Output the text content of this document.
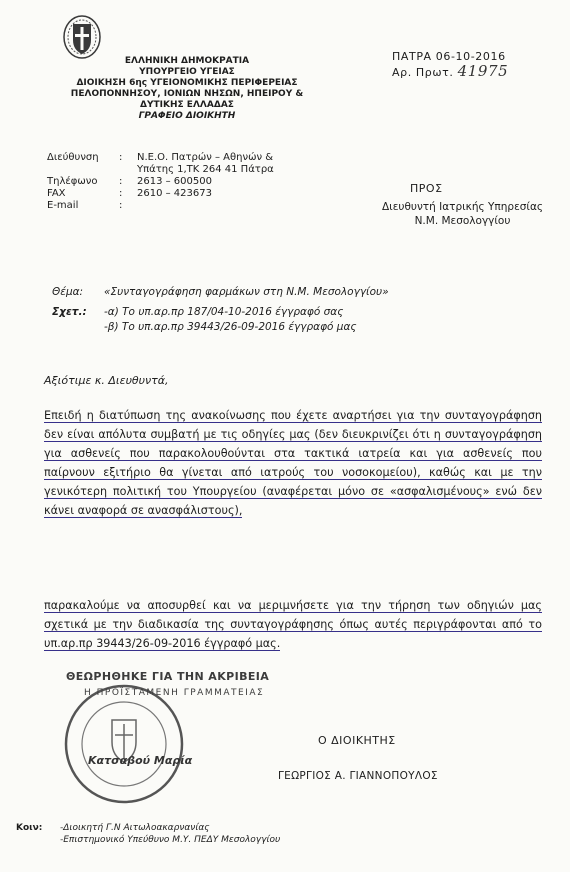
ΕΛΛΗΝΙΚΗ ΔΗΜΟΚΡΑΤΙΑ
ΥΠΟΥΡΓΕΙΟ ΥΓΕΙΑΣ
ΔΙΟΙΚΗΣΗ 6ης ΥΓΕΙΟΝΟΜΙΚΗΣ ΠΕΡΙΦΕΡΕΙΑΣ
ΠΕΛΟΠΟΝΝΗΣΟΥ, ΙΟΝΙΩΝ ΝΗΣΩΝ, ΗΠΕΙΡΟΥ &
ΔΥΤΙΚΗΣ ΕΛΛΑΔΑΣ
ΓΡΑΦΕΙΟ ΔΙΟΙΚΗΤΗ
ΠΑΤΡΑ 06-10-2016
Αρ. Πρωτ. 41975
Διεύθυνση	:	Ν.Ε.Ο. Πατρών – Αθηνών &
Υπάτης 1,ΤΚ 264 41 Πάτρα
Τηλέφωνο	:	2613 – 600500
FAX	:	2610 – 423673
E-mail	:
ΠΡΟΣ
Διευθυντή Ιατρικής Υπηρεσίας
Ν.Μ. Μεσολογγίου
Θέμα:	«Συνταγογράφηση φαρμάκων στη Ν.Μ. Μεσολογγίου»
Σχετ.:	-α) Το υπ.αρ.πρ 187/04-10-2016 έγγραφό σας
-β) Το υπ.αρ.πρ 39443/26-09-2016 έγγραφό μας
Αξιότιμε κ. Διευθυντά,
Επειδή η διατύπωση της ανακοίνωσης που έχετε αναρτήσει για την συνταγογράφηση δεν είναι απόλυτα συμβατή με τις οδηγίες μας (δεν διευκρινίζει ότι η συνταγογράφηση για ασθενείς που παρακολουθούνται στα τακτικά ιατρεία και για ασθενείς που παίρνουν εξιτήριο θα γίνεται από ιατρούς του νοσοκομείου), καθώς και με την γενικότερη πολιτική του Υπουργείου (αναφέρεται μόνο σε «ασφαλισμένους» ενώ δεν κάνει αναφορά σε ανασφάλιστους),
παρακαλούμε να αποσυρθεί και να μεριμνήσετε για την τήρηση των οδηγιών μας σχετικά με την διαδικασία της συνταγογράφησης όπως αυτές περιγράφονται από το υπ.αρ.πρ 39443/26-09-2016 έγγραφό μας.
ΘΕΩΡΗΘΗΚΕ ΓΙΑ ΤΗΝ ΑΚΡΙΒΕΙΑ
Η ΠΡΟΪΣΤΑΜΕΝΗ ΓΡΑΜΜΑΤΕΙΑΣ
Κατσαβού Μαρία
Ο ΔΙΟΙΚΗΤΗΣ
ΓΕΩΡΓΙΟΣ Α. ΓΙΑΝΝΟΠΟΥΛΟΣ
Κοιν:	-Διοικητή Γ.Ν Αιτωλοακαρνανίας
-Επιστημονικό Υπεύθυνο Μ.Υ. ΠΕΔΥ Μεσολογγίου
